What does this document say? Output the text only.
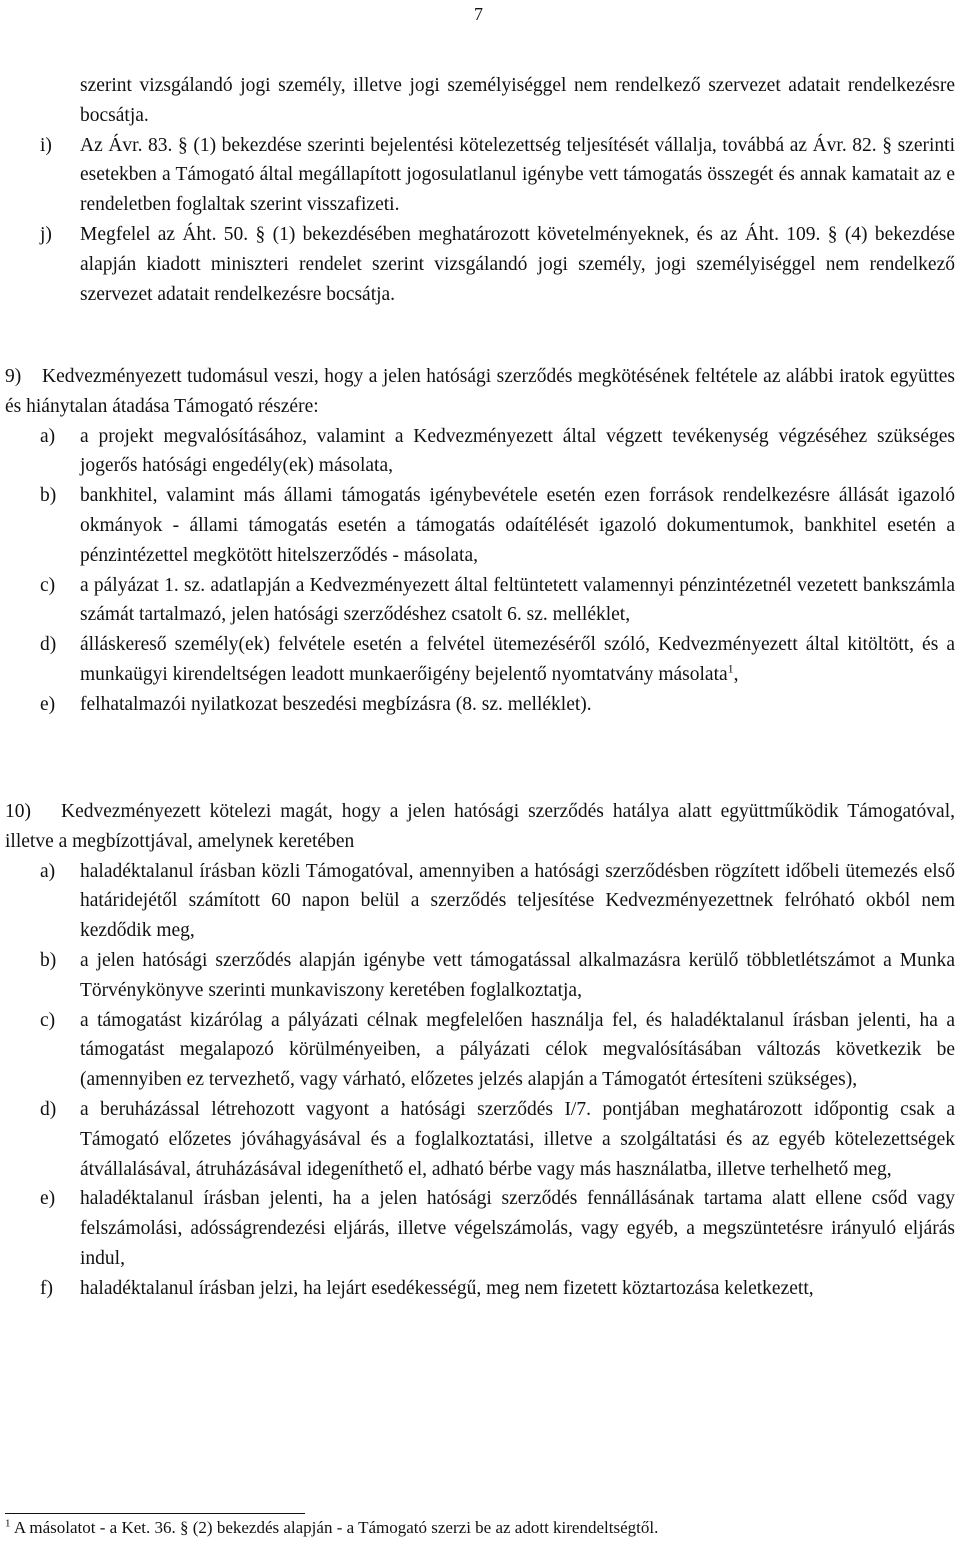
7
szerint vizsgálandó jogi személy, illetve jogi személyiséggel nem rendelkező szervezet adatait rendelkezésre bocsátja.
i)	Az Ávr. 83. § (1) bekezdése szerinti bejelentési kötelezettség teljesítését vállalja, továbbá az Ávr. 82. § szerinti esetekben a Támogató által megállapított jogosulatlanul igénybe vett támogatás összegét és annak kamatait az e rendeletben foglaltak szerint visszafizeti.
j)	Megfelel az Áht. 50. § (1) bekezdésében meghatározott követelményeknek, és az Áht. 109. § (4) bekezdése alapján kiadott miniszteri rendelet szerint vizsgálandó jogi személy, jogi személyiséggel nem rendelkező szervezet adatait rendelkezésre bocsátja.
9)	Kedvezményezett tudomásul veszi, hogy a jelen hatósági szerződés megkötésének feltétele az alábbi iratok együttes és hiánytalan átadása Támogató részére:
a)	a projekt megvalósításához, valamint a Kedvezményezett által végzett tevékenység végzéséhez szükséges jogerős hatósági engedély(ek) másolata,
b)	bankhitel, valamint más állami támogatás igénybevétele esetén ezen források rendelkezésre állását igazoló okmányok - állami támogatás esetén a támogatás odaítélését igazoló dokumentumok, bankhitel esetén a pénzintézettel megkötött hitelszerződés - másolata,
c)	a pályázat 1. sz. adatlapján a Kedvezményezett által feltüntetett valamennyi pénzintézetnél vezetett bankszámla számát tartalmazó, jelen hatósági szerződéshez csatolt 6. sz. melléklet,
d)	álláskereső személy(ek) felvétele esetén a felvétel ütemezéséről szóló, Kedvezményezett által kitöltött, és a munkaügyi kirendeltségen leadott munkaerőigény bejelentő nyomtatvány másolata$^1$,
e)	felhatalmazói nyilatkozat beszedési megbízásra (8. sz. melléklet).
10)	Kedvezményezett kötelezi magát, hogy a jelen hatósági szerződés hatálya alatt együttműködik Támogatóval, illetve a megbízottjával, amelynek keretében
a)	haladéktalanul írásban közli Támogatóval, amennyiben a hatósági szerződésben rögzített időbeli ütemezés első határidejétől számított 60 napon belül a szerződés teljesítése Kedvezményezettnek felróható okból nem kezdődik meg,
b)	a jelen hatósági szerződés alapján igénybe vett támogatással alkalmazásra kerülő többletlétszámot a Munka Törvénykönyve szerinti munkaviszony keretében foglalkoztatja,
c)	a támogatást kizárólag a pályázati célnak megfelelően használja fel, és haladéktalanul írásban jelenti, ha a támogatást megalapozó körülményeiben, a pályázati célok megvalósításában változás következik be (amennyiben ez tervezhető, vagy várható, előzetes jelzés alapján a Támogatót értesíteni szükséges),
d)	a beruházással létrehozott vagyont a hatósági szerződés I/7. pontjában meghatározott időpontig csak a Támogató előzetes jóváhagyásával és a foglalkoztatási, illetve a szolgáltatási és az egyéb kötelezettségek átvállalásával, átruházásával idegeníthető el, adható bérbe vagy más használatba, illetve terhelhető meg,
e)	haladéktalanul írásban jelenti, ha a jelen hatósági szerződés fennállásának tartama alatt ellene csőd vagy felszámolási, adósságrendezési eljárás, illetve végelszámolás, vagy egyéb, a megszüntetésre irányuló eljárás indul,
f)	haladéktalanul írásban jelzi, ha lejárt esedékességű, meg nem fizetett köztartozása keletkezett,
$^1$ A másolatot - a Ket. 36. § (2) bekezdés alapján - a Támogató szerzi be az adott kirendeltségtől.
